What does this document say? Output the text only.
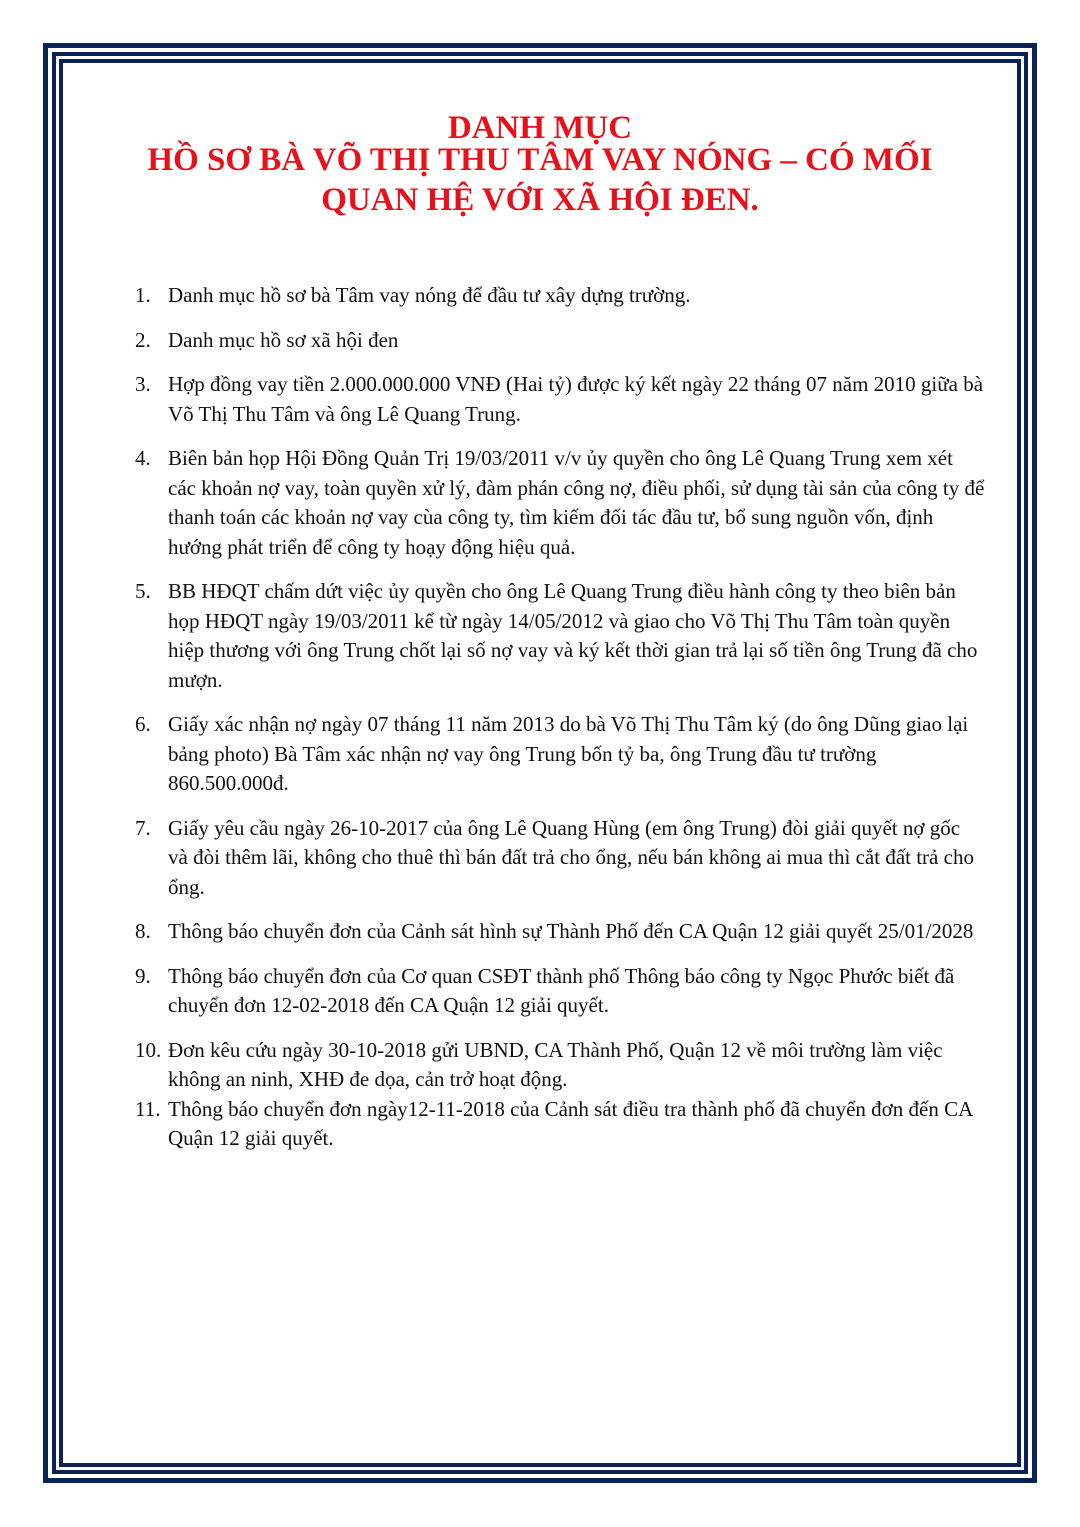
DANH MỤC
HỒ SƠ BÀ VÕ THỊ THU TÂM VAY NÓNG – CÓ MỐI
QUAN HỆ VỚI XÃ HỘI ĐEN.
1. Danh mục hồ sơ bà Tâm vay nóng để đầu tư xây dựng trường.
2. Danh mục hồ sơ xã hội đen
3. Hợp đồng vay tiền 2.000.000.000 VNĐ (Hai tỷ) được ký kết ngày 22 tháng 07 năm 2010 giữa bà Võ Thị Thu Tâm và ông Lê Quang Trung.
4. Biên bản họp Hội Đồng Quản Trị 19/03/2011 v/v ủy quyền cho ông Lê Quang Trung xem xét các khoản nợ vay, toàn quyền xử lý, đàm phán công nợ, điều phối, sử dụng tài sản của công ty để thanh toán các khoản nợ vay cùa công ty, tìm kiếm đối tác đầu tư, bổ sung nguồn vốn, định hướng phát triển để công ty hoạy động hiệu quả.
5. BB HĐQT chấm dứt việc ủy quyền cho ông Lê Quang Trung điều hành công ty theo biên bản họp HĐQT ngày 19/03/2011 kể từ ngày 14/05/2012 và giao cho Võ Thị Thu Tâm toàn quyền hiệp thương với ông Trung chốt lại số nợ vay và ký kết thời gian trả lại số tiền ông Trung đã cho mượn.
6. Giấy xác nhận nợ ngày 07 tháng 11 năm 2013 do bà Võ Thị Thu Tâm ký (do ông Dũng giao lại bảng photo) Bà Tâm xác nhận nợ vay ông Trung bốn tỷ ba, ông Trung đầu tư trường 860.500.000đ.
7. Giấy yêu cầu ngày 26-10-2017 của ông Lê Quang Hùng (em ông Trung) đòi giải quyết nợ gốc và đòi thêm lãi, không cho thuê thì bán đất trả cho ổng, nếu bán không ai mua thì cắt đất trả cho ổng.
8. Thông báo chuyển đơn của Cảnh sát hình sự Thành Phố đến CA Quận 12 giải quyết 25/01/2028
9. Thông báo chuyển đơn của Cơ quan CSĐT thành phố Thông báo công ty Ngọc Phước biết đã chuyển đơn 12-02-2018 đến CA Quận 12 giải quyết.
10. Đơn kêu cứu ngày 30-10-2018 gửi UBND, CA Thành Phố, Quận 12 về môi trường làm việc không an ninh, XHĐ đe dọa, cản trở hoạt động.
11. Thông báo chuyển đơn ngày12-11-2018 của Cảnh sát điều tra thành phố đã chuyển đơn đến CA Quận 12 giải quyết.
